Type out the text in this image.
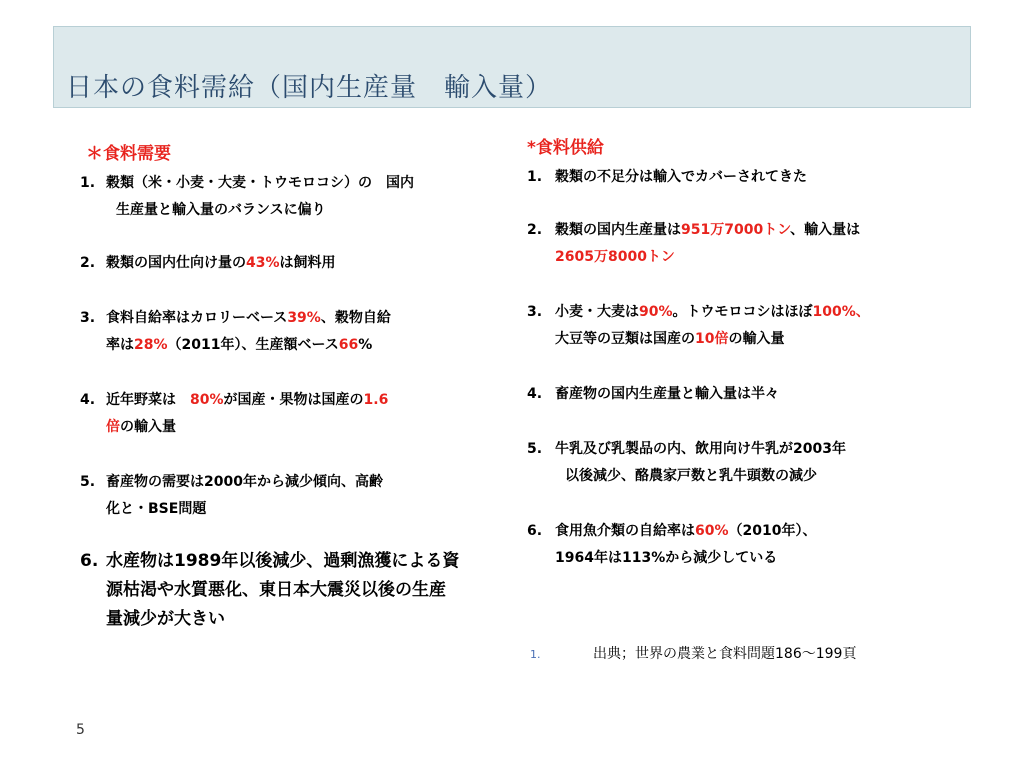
日本の食料需給（国内生産量　輸入量）
＊食料需要
1. 穀類（米・小麦・大麦・トウモロコシ）の　国内
生産量と輸入量のバランスに偏り
2. 穀類の国内仕向け量の43%は飼料用
3. 食料自給率はカロリーベース39%、穀物自給
率は28%（2011年）、生産額ベース66%
4. 近年野菜は　80%が国産・果物は国産の1.6
倍の輸入量
5. 畜産物の需要は2000年から減少傾向、高齢
化と・BSE問題
6. 水産物は1989年以後減少、過剰漁獲による資
源枯渇や水質悪化、東日本大震災以後の生産
量減少が大きい
*食料供給
1. 穀類の不足分は輸入でカバーされてきた
2. 穀類の国内生産量は951万7000トン、輸入量は
2605万8000トン
3. 小麦・大麦は90%。トウモロコシはほぼ100%、
大豆等の豆類は国産の10倍の輸入量
4. 畜産物の国内生産量と輸入量は半々
5. 牛乳及び乳製品の内、飲用向け牛乳が2003年
以後減少、酪農家戸数と乳牛頭数の減少
6. 食用魚介類の自給率は60%（2010年）、
1964年は113%から減少している
1.	出典；世界の農業と食料問題186～199頁
5
